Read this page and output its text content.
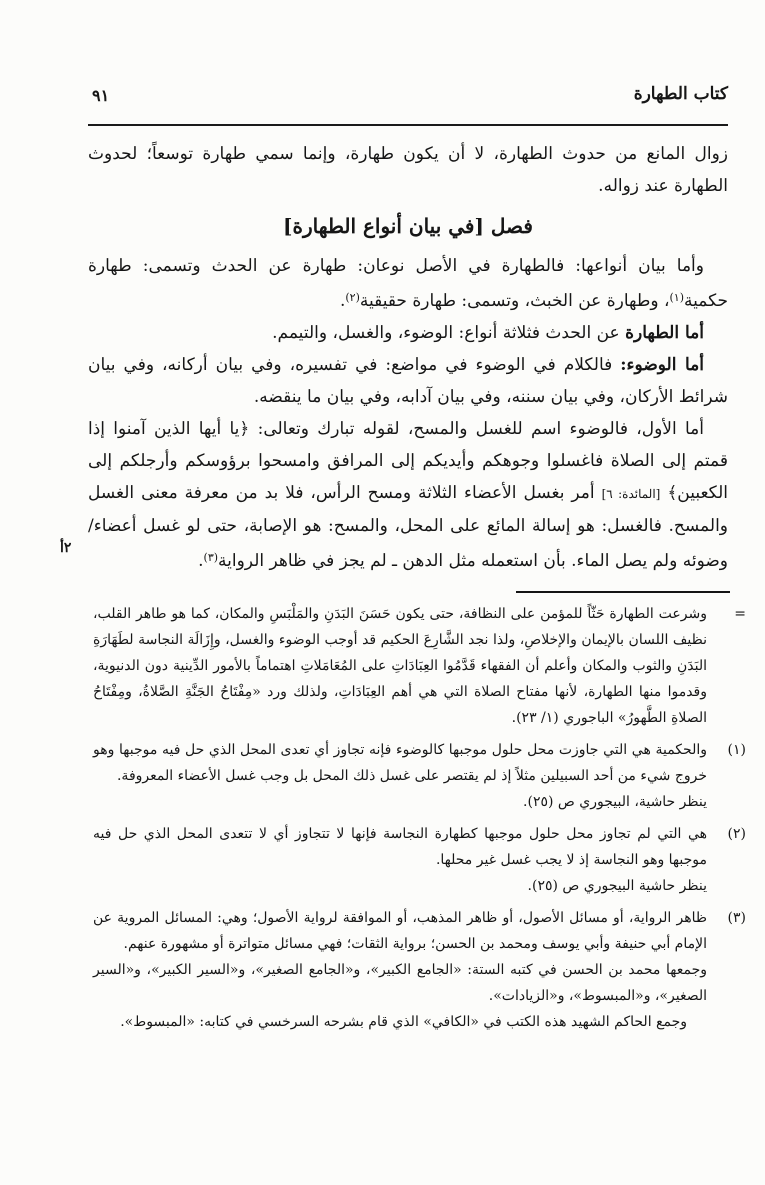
٩١	كتاب الطهارة

زوال المانع من حدوث الطهارة، لا أن يكون طهارة، وإنما سمي طهارة توسعاً؛ لحدوث الطهارة عند زواله.

فصل [في بيان أنواع الطهارة]

وأما بيان أنواعها: فالطهارة في الأصل نوعان: طهارة عن الحدث وتسمى: طهارة حكمية$^{(١)}$، وطهارة عن الخبث، وتسمى: طهارة حقيقية$^{(٢)}$.

أما الطهارة عن الحدث فثلاثة أنواع: الوضوء، والغسل، والتيمم.

أما الوضوء: فالكلام في الوضوء في مواضع: في تفسيره، وفي بيان أركانه، وفي بيان شرائط الأركان، وفي بيان سننه، وفي بيان آدابه، وفي بيان ما ينقضه.

أما الأول، فالوضوء اسم للغسل والمسح، لقوله تبارك وتعالى: ﴿يا أيها الذين آمنوا إذا قمتم إلى الصلاة فاغسلوا وجوهكم وأيديكم إلى المرافق وامسحوا برؤوسكم وأرجلكم إلى الكعبين﴾ [المائدة: ٦] أمر بغسل الأعضاء الثلاثة ومسح الرأس، فلا بد من معرفة معنى الغسل والمسح. فالغسل: هو إسالة المائع على المحل، والمسح: هو الإصابة، حتى لو غسل أعضاء/ وضوئه ولم يصل الماء. بأن استعمله مثل الدهن ـ لم يجز في ظاهر الرواية$^{(٣)}$.

٢أ
=

وشرعت الطهارة حَثّاً للمؤمن على النظافة، حتى يكون حَسَنَ البَدَنِ والمَلْبَسِ والمكان، كما هو طاهر القلب، نظيف اللسان بالإيمان والإخلاصِ، ولذا نجد الشَّارِعَ الحكيم قد أوجب الوضوء والغسل، وإِزَالَة النجاسة لطَهَارَةِ البَدَنِ والثوب والمكان وأعلم أن الفقهاء قَدَّمُوا العِبَادَاتِ على المُعَامَلاتِ اهتماماً بالأمور الدِّينية دون الدنيوية، وقدموا منها الطهارة، لأنها مفتاح الصلاة التي هي أهم العِبَادَاتِ، ولذلك ورد «مِفْتَاحُ الجَنَّةِ الصَّلاةُ، ومِفْتَاحُ الصلاةِ الطَّهورُ» الباجوري (١/ ٢٣).

(١)

والحكمية هي التي جاوزت محل حلول موجبها كالوضوء فإنه تجاوز أي تعدى المحل الذي حل فيه موجبها وهو خروج شيء من أحد السبيلين مثلاً إذ لم يقتصر على غسل ذلك المحل بل وجب غسل الأعضاء المعروفة.

ينظر حاشية، البيجوري ص (٢٥).

(٢)

هي التي لم تجاوز محل حلول موجبها كطهارة النجاسة فإنها لا تتجاوز أي لا تتعدى المحل الذي حل فيه موجبها وهو النجاسة إذ لا يجب غسل غير محلها.

ينظر حاشية البيجوري ص (٢٥).

(٣)

ظاهر الرواية، أو مسائل الأصول، أو ظاهر المذهب، أو الموافقة لرواية الأصول؛ وهي: المسائل المروية عن الإمام أبي حنيفة وأبي يوسف ومحمد بن الحسن؛ برواية الثقات؛ فهي مسائل متواترة أو مشهورة عنهم.

وجمعها محمد بن الحسن في كتبه الستة: «الجامع الكبير»، و«الجامع الصغير»، و«السير الكبير»، و«السير الصغير»، و«المبسوط»، و«الزيادات».

وجمع الحاكم الشهيد هذه الكتب في «الكافي» الذي قام بشرحه السرخسي في كتابه: «المبسوط».
